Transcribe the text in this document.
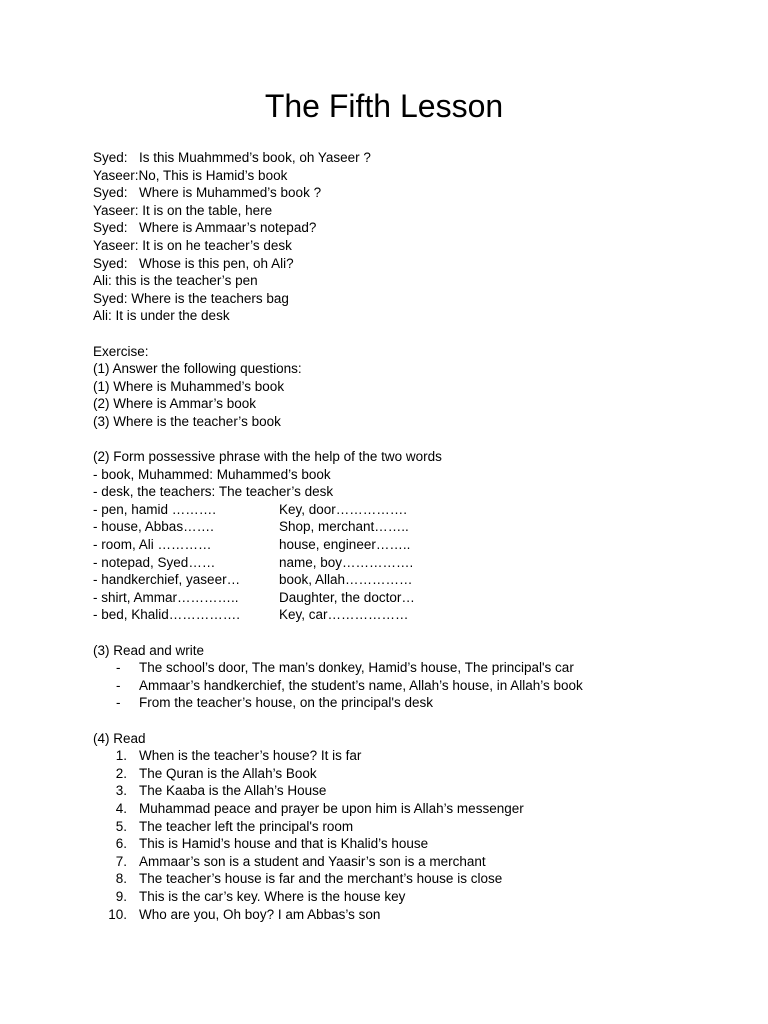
The Fifth Lesson
Syed: Is this Muahmmed’s book, oh Yaseer ?
Yaseer:No, This is Hamid’s book
Syed: Where is Muhammed’s book ?
Yaseer: It is on the table, here
Syed: Where is Ammaar’s notepad?
Yaseer: It is on he teacher’s desk
Syed: Whose is this pen, oh Ali?
Ali: this is the teacher’s pen
Syed: Where is the teachers bag
Ali: It is under the desk
Exercise:
(1) Answer the following questions:
(1) Where is Muhammed’s book
(2) Where is Ammar’s book
(3) Where is the teacher’s book
(2) Form possessive phrase with the help of the two words
- book, Muhammed: Muhammed’s book
- desk, the teachers: The teacher’s desk
- pen, hamid ……….	Key, door…………….
- house, Abbas…….	Shop, merchant……..
- room, Ali …………	house, engineer……..
- notepad, Syed……	name, boy…………….
- handkerchief, yaseer…	book, Allah……………
- shirt, Ammar…………..	Daughter, the doctor…
- bed, Khalid…………….	Key, car………………
(3) Read and write
- The school’s door, The man’s donkey, Hamid’s house, The principal's car
- Ammaar’s handkerchief, the student’s name, Allah’s house, in Allah’s book
- From the teacher’s house, on the principal's desk
(4) Read
1. When is the teacher’s house? It is far
2. The Quran is the Allah’s Book
3. The Kaaba is the Allah’s House
4. Muhammad peace and prayer be upon him is Allah’s messenger
5. The teacher left the principal's room
6. This is Hamid’s house and that is Khalid’s house
7. Ammaar’s son is a student and Yaasir’s son is a merchant
8. The teacher’s house is far and the merchant’s house is close
9. This is the car’s key. Where is the house key
10. Who are you, Oh boy? I am Abbas’s son
